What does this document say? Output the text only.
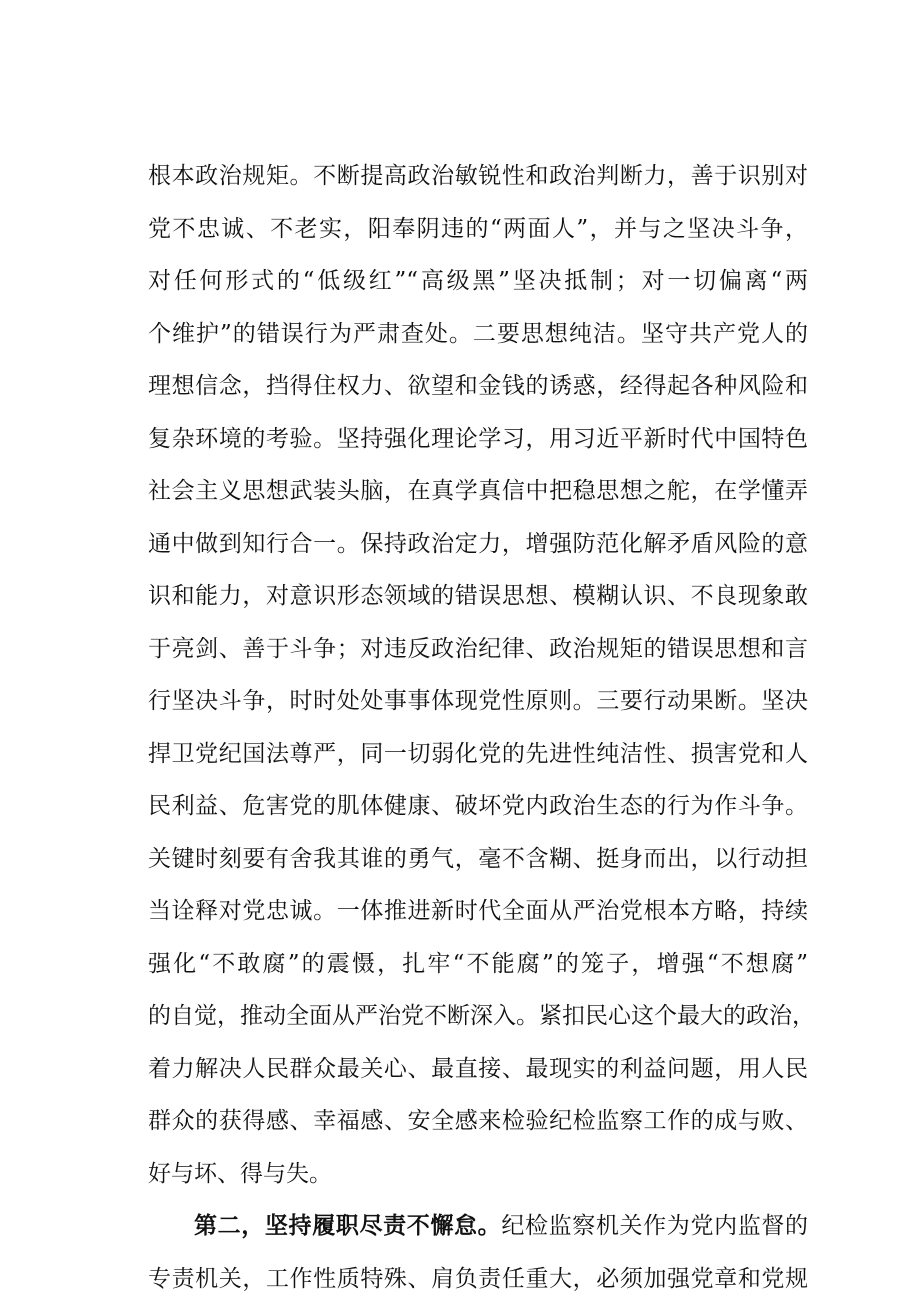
根本政治规矩。不断提高政治敏锐性和政治判断力，善于识别对
党不忠诚、不老实，阳奉阴违的“两面人”，并与之坚决斗争，
对任何形式的“低级红”“高级黑”坚决抵制；对一切偏离“两
个维护”的错误行为严肃查处。二要思想纯洁。坚守共产党人的
理想信念，挡得住权力、欲望和金钱的诱惑，经得起各种风险和
复杂环境的考验。坚持强化理论学习，用习近平新时代中国特色
社会主义思想武装头脑，在真学真信中把稳思想之舵，在学懂弄
通中做到知行合一。保持政治定力，增强防范化解矛盾风险的意
识和能力，对意识形态领域的错误思想、模糊认识、不良现象敢
于亮剑、善于斗争；对违反政治纪律、政治规矩的错误思想和言
行坚决斗争，时时处处事事体现党性原则。三要行动果断。坚决
捍卫党纪国法尊严，同一切弱化党的先进性纯洁性、损害党和人
民利益、危害党的肌体健康、破坏党内政治生态的行为作斗争。
关键时刻要有舍我其谁的勇气，毫不含糊、挺身而出，以行动担
当诠释对党忠诚。一体推进新时代全面从严治党根本方略，持续
强化“不敢腐”的震慑，扎牢“不能腐”的笼子，增强“不想腐”
的自觉，推动全面从严治党不断深入。紧扣民心这个最大的政治，
着力解决人民群众最关心、最直接、最现实的利益问题，用人民
群众的获得感、幸福感、安全感来检验纪检监察工作的成与败、
好与坏、得与失。
第二，坚持履职尽责不懈怠。纪检监察机关作为党内监督的
专责机关，工作性质特殊、肩负责任重大，必须加强党章和党规
